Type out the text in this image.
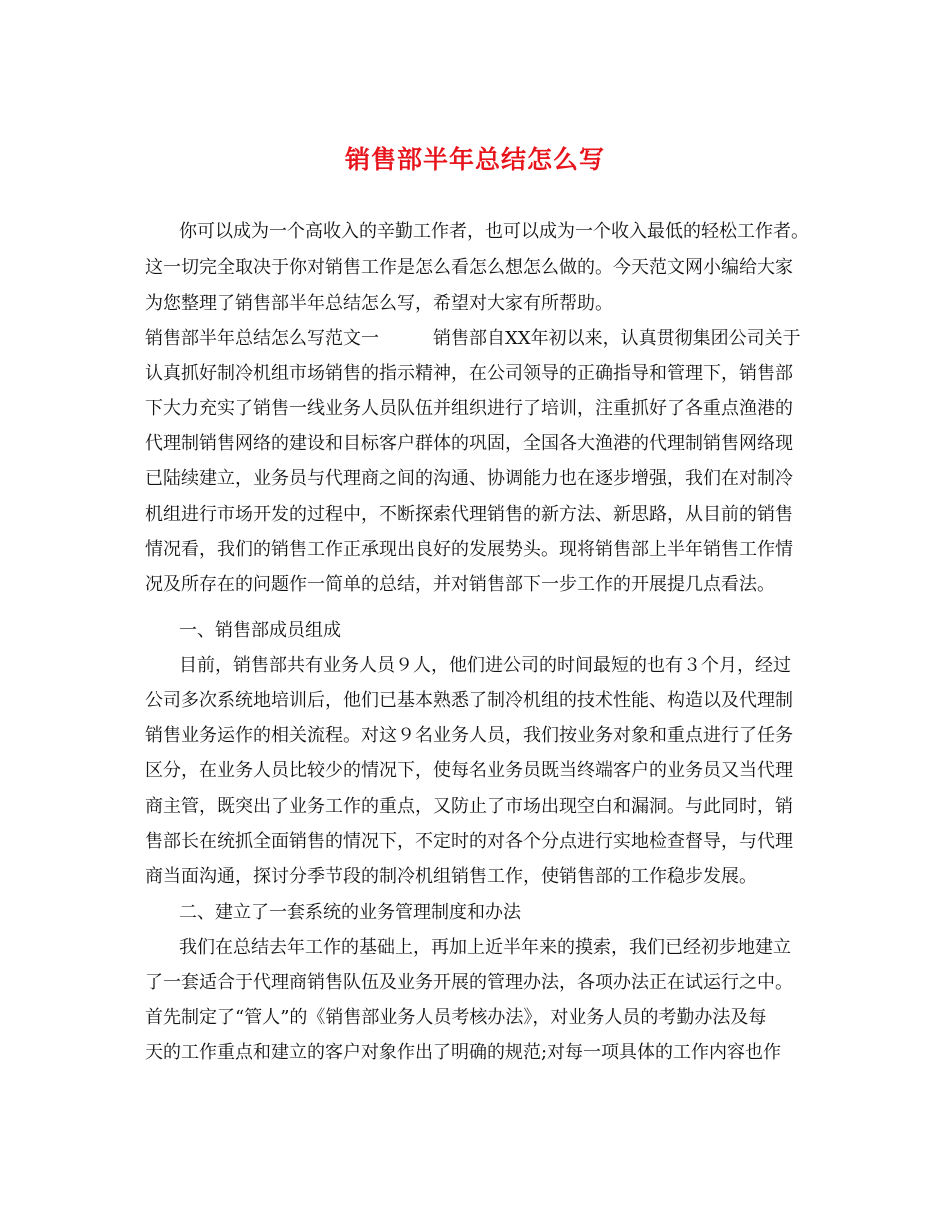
销售部半年总结怎么写
你可以成为一个高收入的辛勤工作者，也可以成为一个收入最低的轻松工作者。
这一切完全取决于你对销售工作是怎么看怎么想怎么做的。今天范文网小编给大家
为您整理了销售部半年总结怎么写，希望对大家有所帮助。
销售部半年总结怎么写范文一　　　销售部自XX年初以来，认真贯彻集团公司关于
认真抓好制冷机组市场销售的指示精神，在公司领导的正确指导和管理下，销售部
下大力充实了销售一线业务人员队伍并组织进行了培训，注重抓好了各重点渔港的
代理制销售网络的建设和目标客户群体的巩固，全国各大渔港的代理制销售网络现
已陆续建立，业务员与代理商之间的沟通、协调能力也在逐步增强，我们在对制冷
机组进行市场开发的过程中，不断探索代理销售的新方法、新思路，从目前的销售
情况看，我们的销售工作正承现出良好的发展势头。现将销售部上半年销售工作情
况及所存在的问题作一简单的总结，并对销售部下一步工作的开展提几点看法。
一、销售部成员组成
目前，销售部共有业务人员９人，他们进公司的时间最短的也有３个月，经过
公司多次系统地培训后，他们已基本熟悉了制冷机组的技术性能、构造以及代理制
销售业务运作的相关流程。对这９名业务人员，我们按业务对象和重点进行了任务
区分，在业务人员比较少的情况下，使每名业务员既当终端客户的业务员又当代理
商主管，既突出了业务工作的重点，又防止了市场出现空白和漏洞。与此同时，销
售部长在统抓全面销售的情况下，不定时的对各个分点进行实地检查督导，与代理
商当面沟通，探讨分季节段的制冷机组销售工作，使销售部的工作稳步发展。
二、建立了一套系统的业务管理制度和办法
我们在总结去年工作的基础上，再加上近半年来的摸索，我们已经初步地建立
了一套适合于代理商销售队伍及业务开展的管理办法，各项办法正在试运行之中。
首先制定了“管人”的《销售部业务人员考核办法》，对业务人员的考勤办法及每
天的工作重点和建立的客户对象作出了明确的规范;对每一项具体的工作内容也作
